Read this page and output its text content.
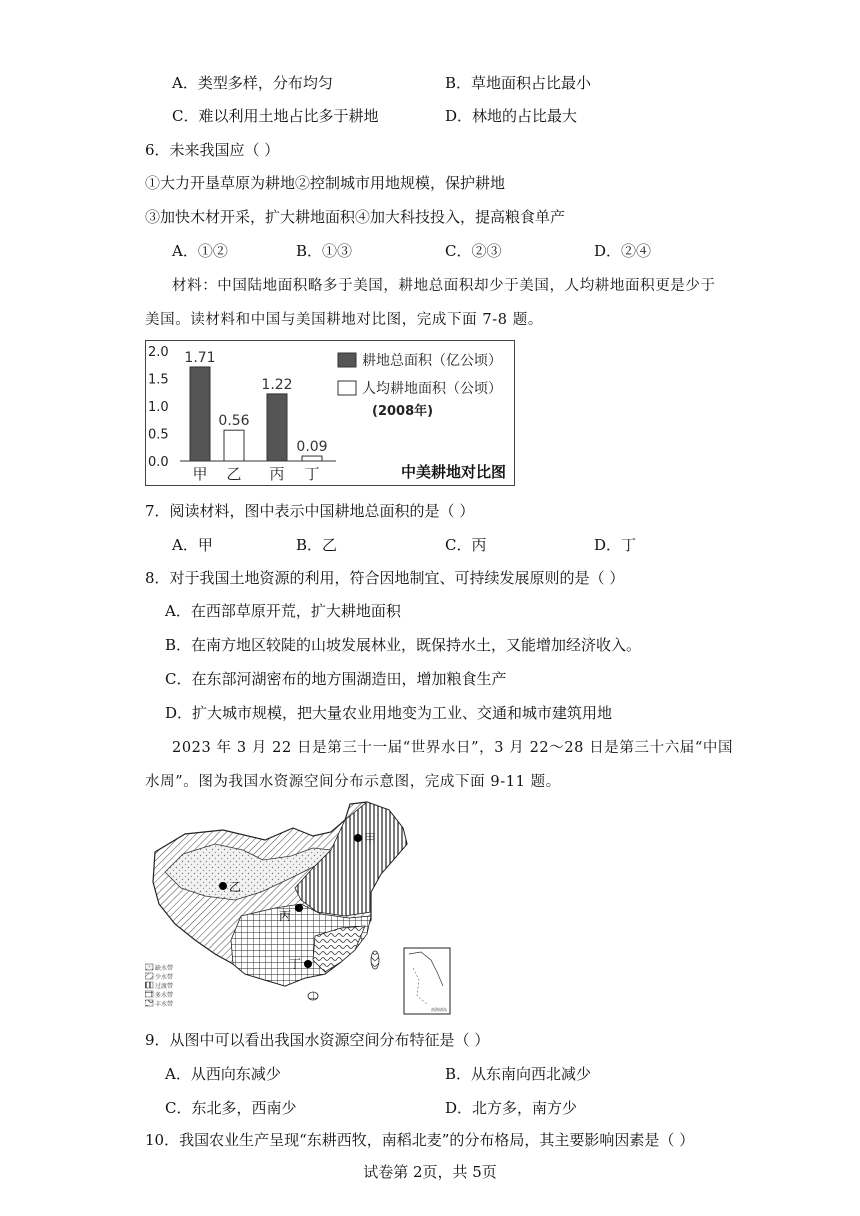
A．类型多样，分布均匀	B．草地面积占比最小
C．难以利用土地占比多于耕地	D．林地的占比最大
6．未来我国应（ ）
①大力开垦草原为耕地②控制城市用地规模，保护耕地
③加快木材开采，扩大耕地面积④加大科技投入，提高粮食单产
A．①②	B．①③	C．②③	D．②④
材料：中国陆地面积略多于美国，耕地总面积却少于美国，人均耕地面积更是少于
美国。读材料和中国与美国耕地对比图，完成下面 7-8 题。
2.0
1.5
1.0
0.5
0.0
1.71
甲
0.56
乙
1.22
丙
0.09
丁
耕地总面积（亿公顷）
人均耕地面积（公顷）
(2008年)
中美耕地对比图
7．阅读材料，图中表示中国耕地总面积的是（ ）
A．甲	B．乙	C．丙	D．丁
8．对于我国土地资源的利用，符合因地制宜、可持续发展原则的是（ ）
A．在西部草原开荒，扩大耕地面积
B．在南方地区较陡的山坡发展林业，既保持水土，又能增加经济收入。
C．在东部河湖密布的地方围湖造田，增加粮食生产
D．扩大城市规模，把大量农业用地变为工业、交通和城市建筑用地
2023 年 3 月 22 日是第三十一届“世界水日”，3 月 22～28 日是第三十六届“中国
水周”。图为我国水资源空间分布示意图，完成下面 9-11 题。
甲
乙
丙
丁
缺水带
少水带
过渡带
多水带
丰水带
南海诸岛
9．从图中可以看出我国水资源空间分布特征是（ ）
A．从西向东减少	B．从东南向西北减少
C．东北多，西南少	D．北方多，南方少
10．我国农业生产呈现“东耕西牧，南稻北麦”的分布格局，其主要影响因素是（ ）
试卷第 2页，共 5页
